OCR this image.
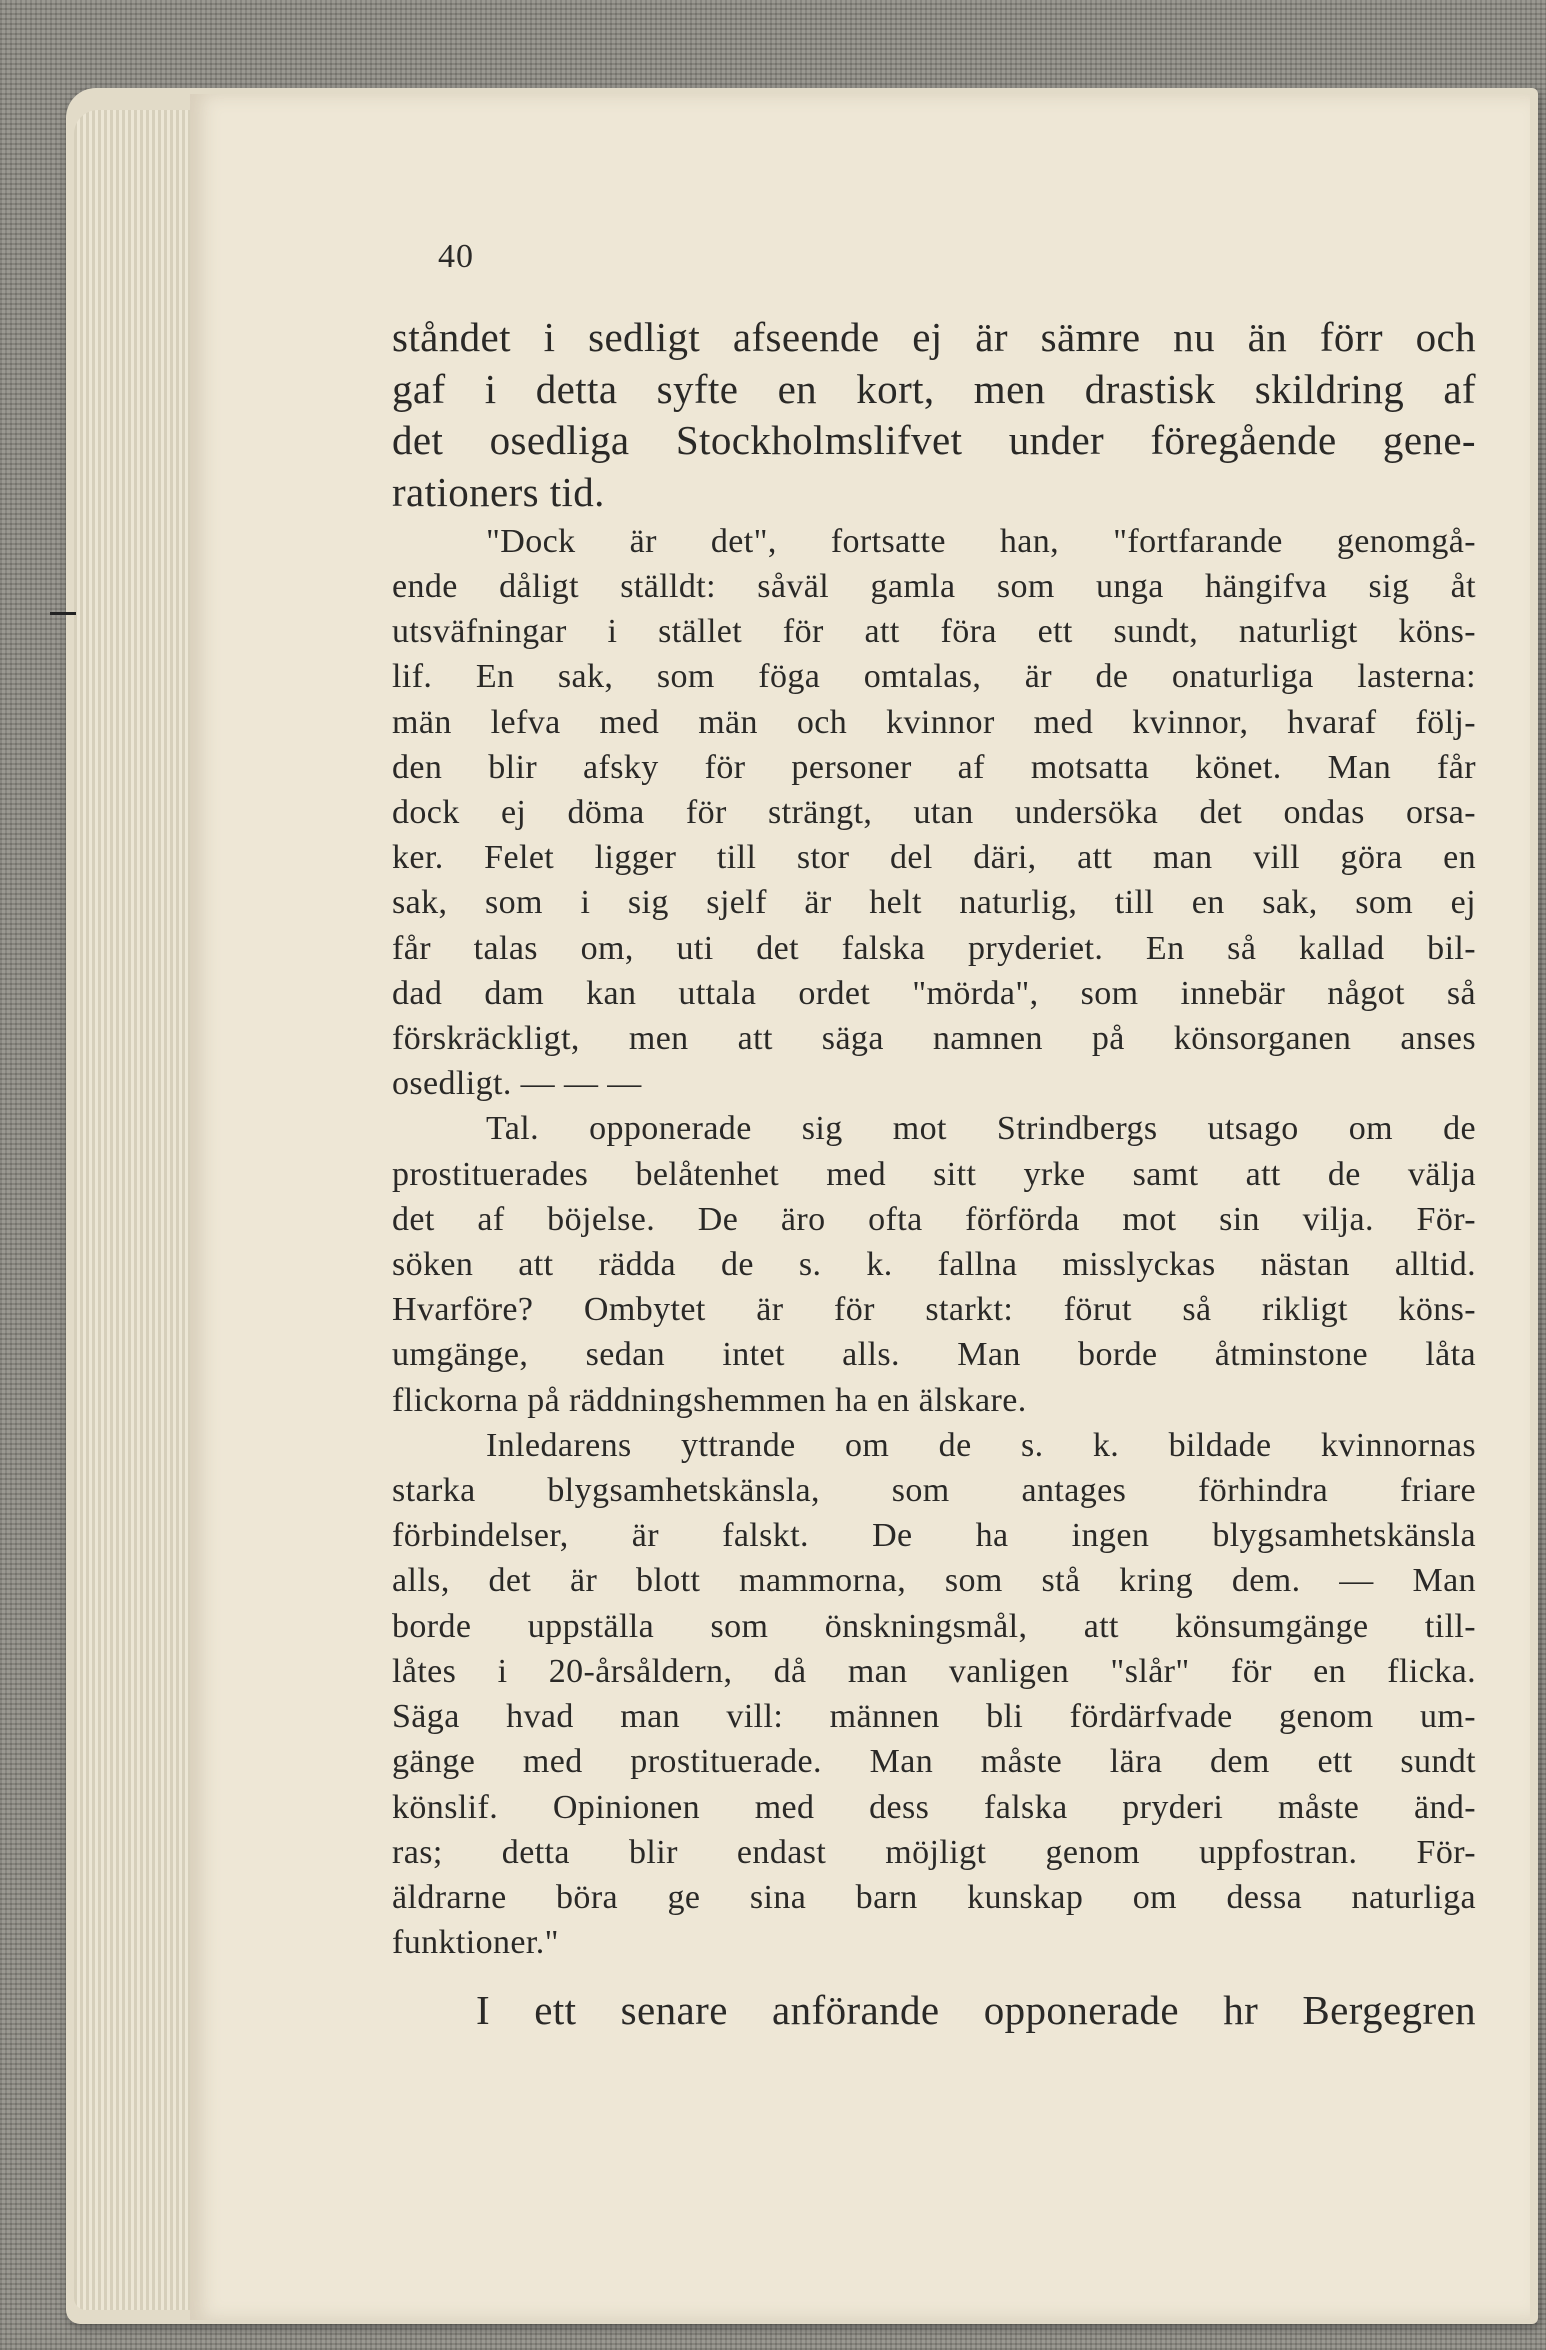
40

ståndet i sedligt afseende ej är sämre nu än förr och

gaf i detta syfte en kort, men drastisk skildring af

det osedliga Stockholmslifvet under föregående gene-

rationers tid.

"Dock är det", fortsatte han, "fortfarande genomgå-

ende dåligt ställdt: såväl gamla som unga hängifva sig åt

utsväfningar i stället för att föra ett sundt, naturligt köns-

lif. En sak, som föga omtalas, är de onaturliga lasterna:

män lefva med män och kvinnor med kvinnor, hvaraf följ-

den blir afsky för personer af motsatta könet. Man får

dock ej döma för strängt, utan undersöka det ondas orsa-

ker. Felet ligger till stor del däri, att man vill göra en

sak, som i sig sjelf är helt naturlig, till en sak, som ej

får talas om, uti det falska pryderiet. En så kallad bil-

dad dam kan uttala ordet "mörda", som innebär något så

förskräckligt, men att säga namnen på könsorganen anses

osedligt. — — —

Tal. opponerade sig mot Strindbergs utsago om de

prostituerades belåtenhet med sitt yrke samt att de välja

det af böjelse. De äro ofta förförda mot sin vilja. För-

söken att rädda de s. k. fallna misslyckas nästan alltid.

Hvarföre? Ombytet är för starkt: förut så rikligt köns-

umgänge, sedan intet alls. Man borde åtminstone låta

flickorna på räddningshemmen ha en älskare.

Inledarens yttrande om de s. k. bildade kvinnornas

starka blygsamhetskänsla, som antages förhindra friare

förbindelser, är falskt. De ha ingen blygsamhetskänsla

alls, det är blott mammorna, som stå kring dem. — Man

borde uppställa som önskningsmål, att könsumgänge till-

låtes i 20-årsåldern, då man vanligen "slår" för en flicka.

Säga hvad man vill: männen bli fördärfvade genom um-

gänge med prostituerade. Man måste lära dem ett sundt

könslif. Opinionen med dess falska pryderi måste änd-

ras; detta blir endast möjligt genom uppfostran. För-

äldrarne böra ge sina barn kunskap om dessa naturliga

funktioner."

I ett senare anförande opponerade hr Bergegren
